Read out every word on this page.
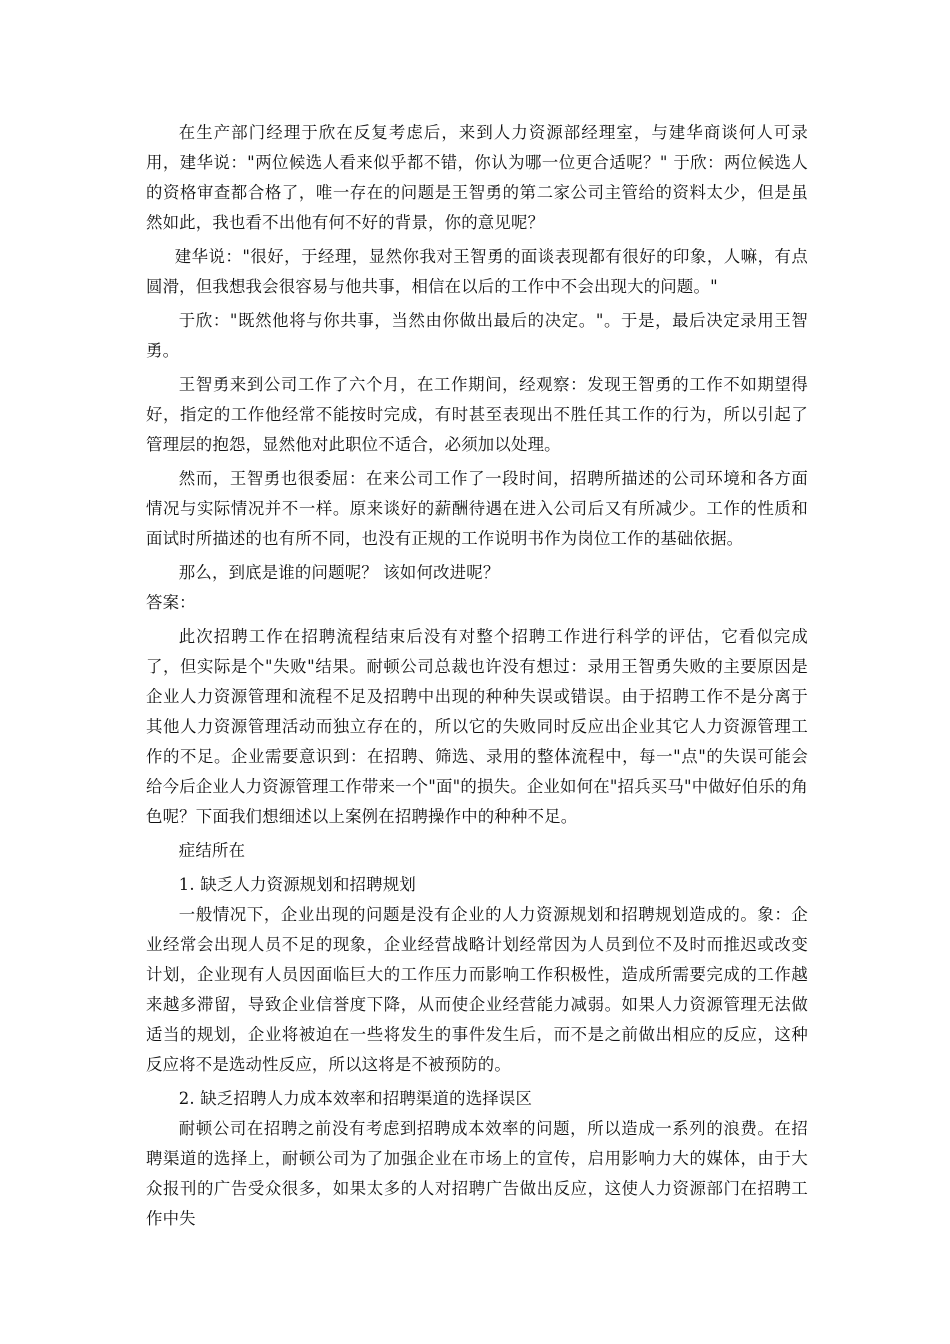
在生产部门经理于欣在反复考虑后，来到人力资源部经理室，与建华商谈何人可录用，建华说："两位候选人看来似乎都不错，你认为哪一位更合适呢？" 于欣：两位候选人的资格审查都合格了，唯一存在的问题是王智勇的第二家公司主管给的资料太少，但是虽然如此，我也看不出他有何不好的背景，你的意见呢？

建华说："很好，于经理，显然你我对王智勇的面谈表现都有很好的印象，人嘛，有点圆滑，但我想我会很容易与他共事，相信在以后的工作中不会出现大的问题。"

于欣："既然他将与你共事，当然由你做出最后的决定。"。于是，最后决定录用王智勇。

王智勇来到公司工作了六个月，在工作期间，经观察：发现王智勇的工作不如期望得好，指定的工作他经常不能按时完成，有时甚至表现出不胜任其工作的行为，所以引起了管理层的抱怨，显然他对此职位不适合，必须加以处理。

然而，王智勇也很委屈：在来公司工作了一段时间，招聘所描述的公司环境和各方面情况与实际情况并不一样。原来谈好的薪酬待遇在进入公司后又有所减少。工作的性质和面试时所描述的也有所不同，也没有正规的工作说明书作为岗位工作的基础依据。

那么，到底是谁的问题呢？ 该如何改进呢？

答案：

此次招聘工作在招聘流程结束后没有对整个招聘工作进行科学的评估，它看似完成了，但实际是个"失败"结果。耐顿公司总裁也许没有想过：录用王智勇失败的主要原因是企业人力资源管理和流程不足及招聘中出现的种种失误或错误。由于招聘工作不是分离于其他人力资源管理活动而独立存在的，所以它的失败同时反应出企业其它人力资源管理工作的不足。企业需要意识到：在招聘、筛选、录用的整体流程中，每一"点"的失误可能会给今后企业人力资源管理工作带来一个"面"的损失。企业如何在"招兵买马"中做好伯乐的角色呢？下面我们想细述以上案例在招聘操作中的种种不足。

症结所在

1. 缺乏人力资源规划和招聘规划

一般情况下，企业出现的问题是没有企业的人力资源规划和招聘规划造成的。象：企业经常会出现人员不足的现象，企业经营战略计划经常因为人员到位不及时而推迟或改变计划，企业现有人员因面临巨大的工作压力而影响工作积极性，造成所需要完成的工作越来越多滞留，导致企业信誉度下降，从而使企业经营能力减弱。如果人力资源管理无法做适当的规划，企业将被迫在一些将发生的事件发生后，而不是之前做出相应的反应，这种反应将不是选动性反应，所以这将是不被预防的。

2. 缺乏招聘人力成本效率和招聘渠道的选择误区

耐顿公司在招聘之前没有考虑到招聘成本效率的问题，所以造成一系列的浪费。在招聘渠道的选择上，耐顿公司为了加强企业在市场上的宣传，启用影响力大的媒体，由于大众报刊的广告受众很多，如果太多的人对招聘广告做出反应，这使人力资源部门在招聘工作中失
